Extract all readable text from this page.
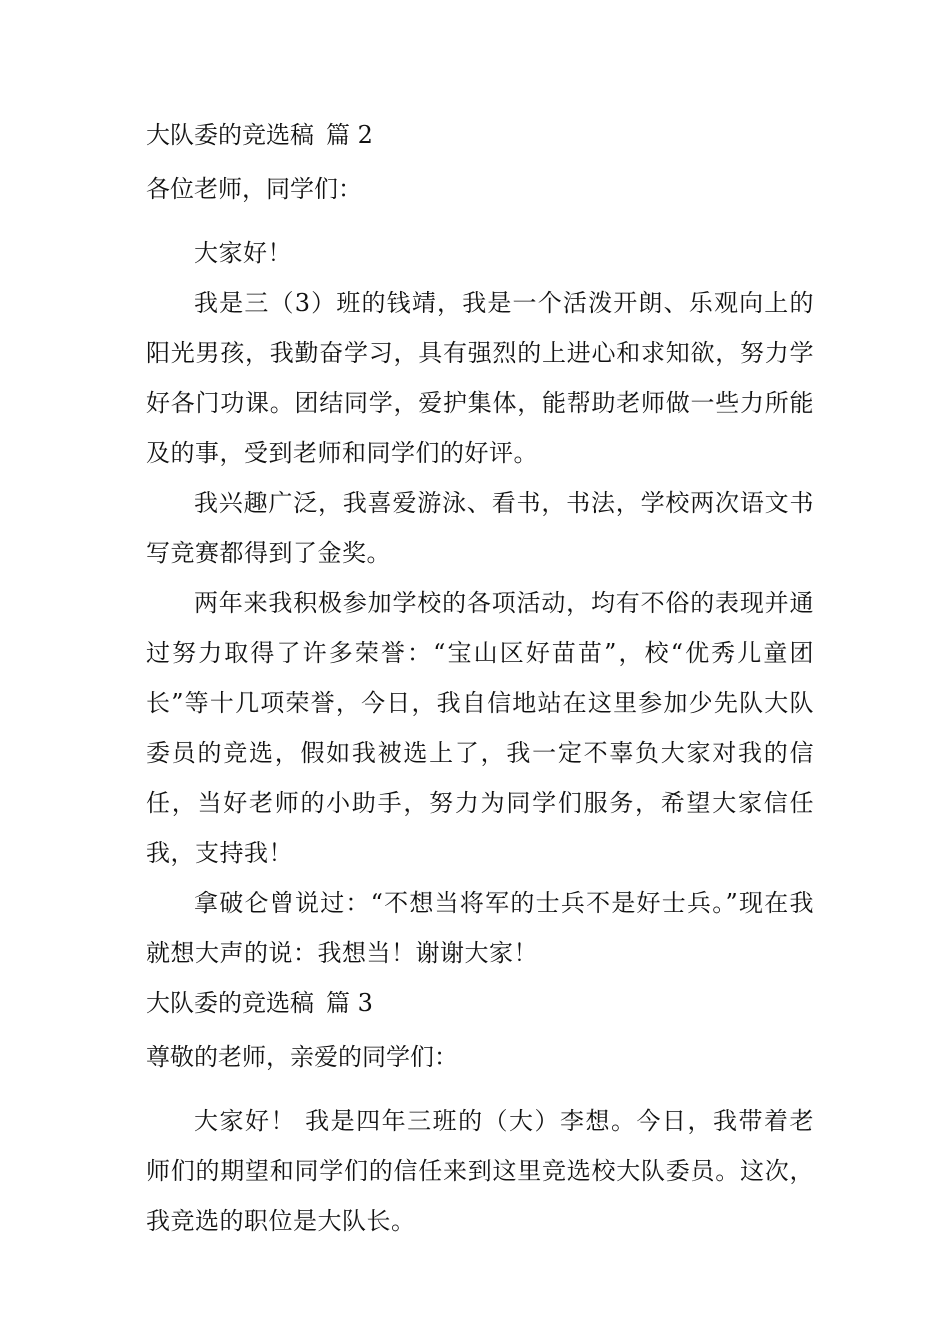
大队委的竞选稿 篇 2
各位老师，同学们：

大家好！

我是三（3）班的钱靖，我是一个活泼开朗、乐观向上的阳光男孩，我勤奋学习，具有强烈的上进心和求知欲，努力学好各门功课。团结同学，爱护集体，能帮助老师做一些力所能及的事，受到老师和同学们的好评。

我兴趣广泛，我喜爱游泳、看书，书法，学校两次语文书写竞赛都得到了金奖。

两年来我积极参加学校的各项活动，均有不俗的表现并通过努力取得了许多荣誉：“宝山区好苗苗”，校“优秀儿童团长”等十几项荣誉，今日，我自信地站在这里参加少先队大队委员的竞选，假如我被选上了，我一定不辜负大家对我的信任，当好老师的小助手，努力为同学们服务，希望大家信任我，支持我！

拿破仑曾说过：“不想当将军的士兵不是好士兵。”现在我就想大声的说：我想当！谢谢大家！

大队委的竞选稿 篇 3
尊敬的老师，亲爱的同学们：

大家好！ 我是四年三班的（大）李想。今日，我带着老师们的期望和同学们的信任来到这里竞选校大队委员。这次，我竞选的职位是大队长。
